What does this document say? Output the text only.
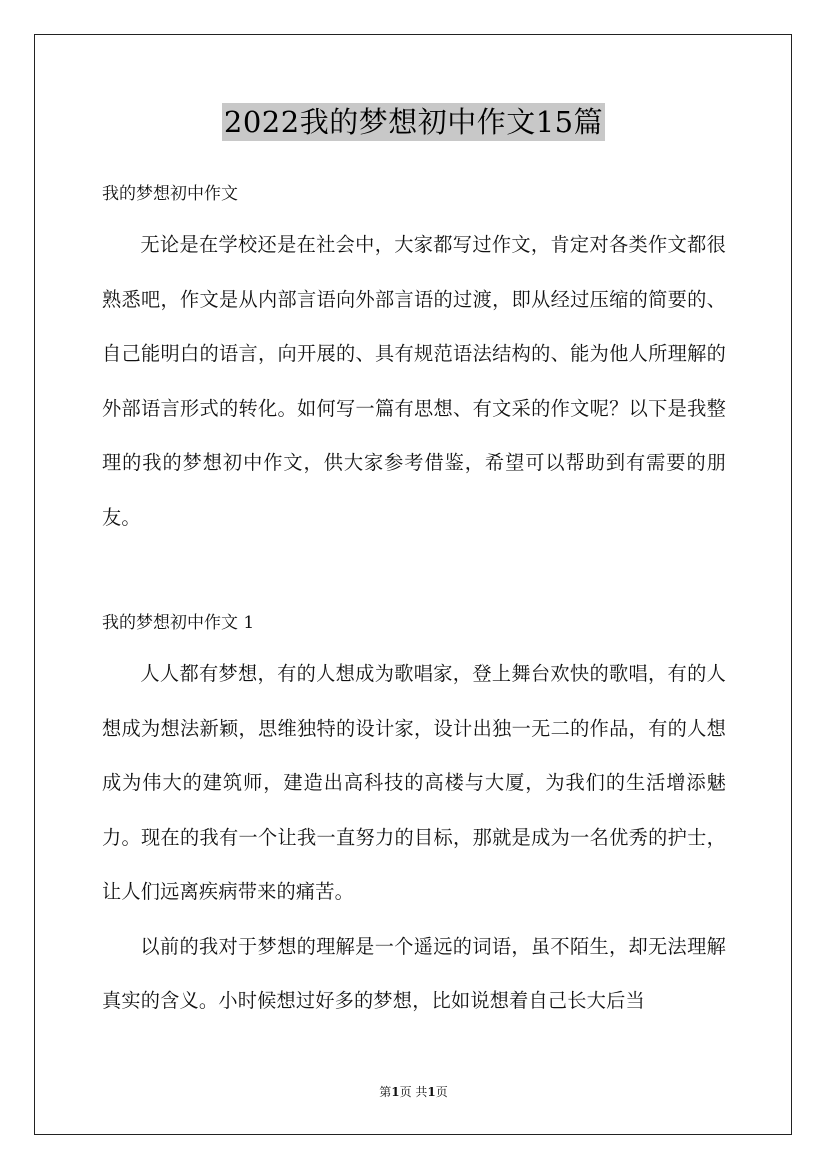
2022我的梦想初中作文15篇

我的梦想初中作文

无论是在学校还是在社会中，大家都写过作文，肯定对各类作文都很熟悉吧，作文是从内部言语向外部言语的过渡，即从经过压缩的简要的、自己能明白的语言，向开展的、具有规范语法结构的、能为他人所理解的外部语言形式的转化。如何写一篇有思想、有文采的作文呢？以下是我整理的我的梦想初中作文，供大家参考借鉴，希望可以帮助到有需要的朋友。

我的梦想初中作文 1

人人都有梦想，有的人想成为歌唱家，登上舞台欢快的歌唱，有的人想成为想法新颖，思维独特的设计家，设计出独一无二的作品，有的人想成为伟大的建筑师，建造出高科技的高楼与大厦，为我们的生活增添魅力。现在的我有一个让我一直努力的目标，那就是成为一名优秀的护士，让人们远离疾病带来的痛苦。

以前的我对于梦想的理解是一个遥远的词语，虽不陌生，却无法理解真实的含义。小时候想过好多的梦想，比如说想着自己长大后当

第1页 共1页
